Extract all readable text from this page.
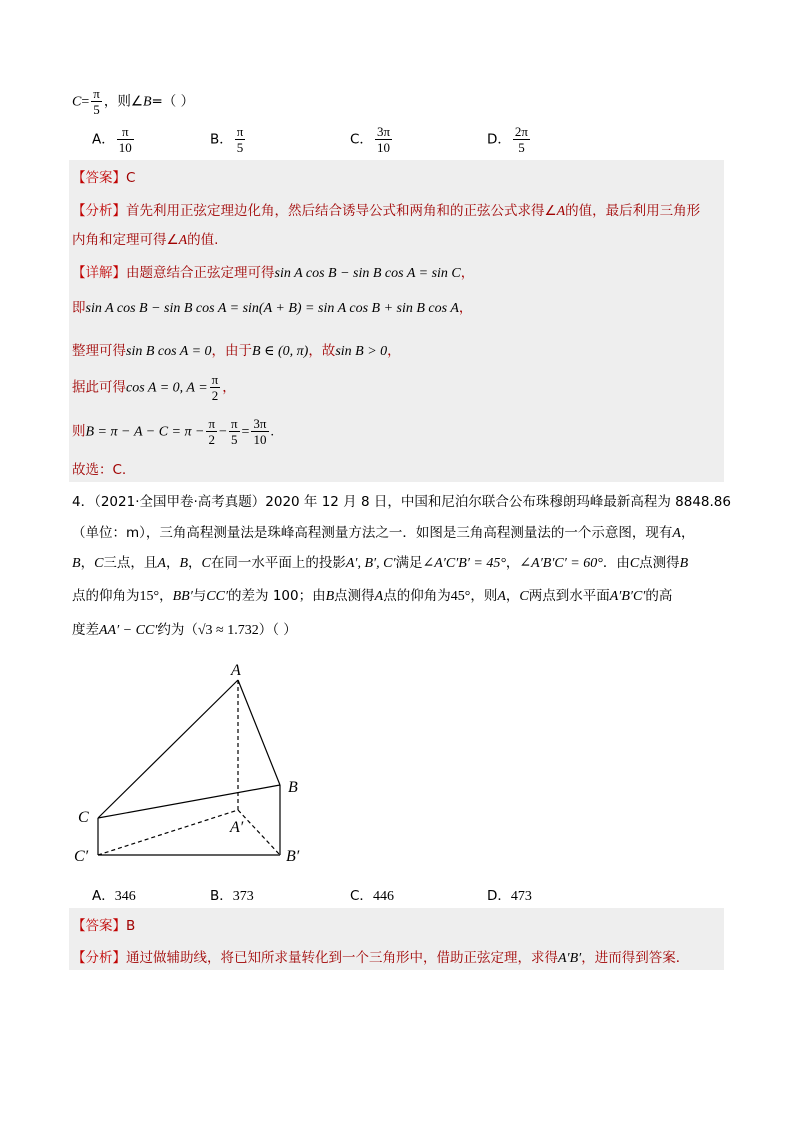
$C= \frac{\pi}{5}$ ，则∠B=（ ）
A． $\frac{\pi}{10}$	B． $\frac{\pi}{5}$	C． $\frac{3\pi}{10}$	D． $\frac{2\pi}{5}$
【答案】C
【分析】首先利用正弦定理边化角，然后结合诱导公式和两角和的正弦公式求得∠A的值，最后利用三角形
内角和定理可得∠A的值.
【详解】由题意结合正弦定理可得sin A cos B − sin B cos A = sin C，
即sin A cos B − sin B cos A = sin(A + B) = sin A cos B + sin B cos A，
整理可得sin B cos A = 0，由于B ∈ (0, π)，故sin B > 0，
据此可得cos A = 0, $A = \frac{\pi}{2}$ ，
则$B = \pi - A - C = \pi - \frac{\pi}{2} - \frac{\pi}{5} = \frac{3\pi}{10}$ .
故选：C.
4．（2021·全国甲卷·高考真题）2020 年 12 月 8 日，中国和尼泊尔联合公布珠穆朗玛峰最新高程为 8848.86
（单位：m），三角高程测量法是珠峰高程测量方法之一．如图是三角高程测量法的一个示意图，现有A，
B，C三点，且A，B，C在同一水平面上的投影A′, B′, C′满足∠A′C′B′ = 45°，∠A′B′C′ = 60°．由C点测得B
点的仰角为15°，BB′与CC′的差为 100；由B点测得A点的仰角为45°，则A，C两点到水平面A′B′C′的高
度差AA′ − CC′约为（√3 ≈ 1.732）（ ）
A
B
C
A′
B′
C′
A．346	B．373	C．446	D．473
【答案】B
【分析】通过做辅助线，将已知所求量转化到一个三角形中，借助正弦定理，求得A′B′，进而得到答案．
